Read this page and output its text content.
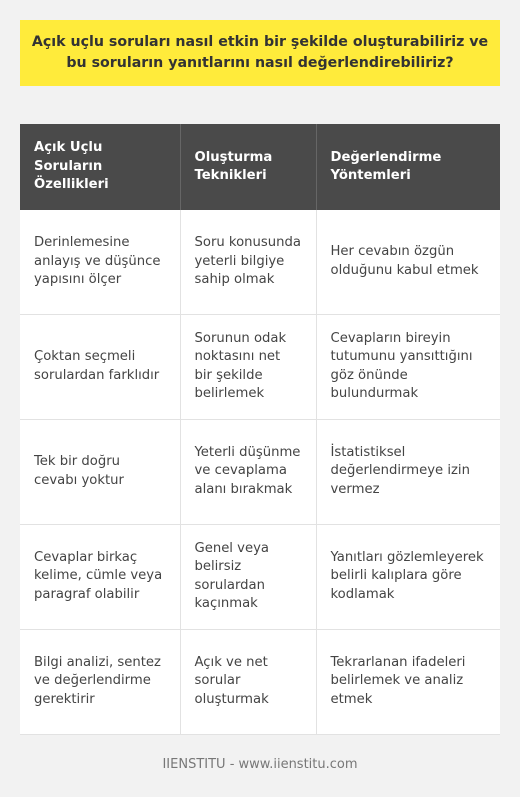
Açık uçlu soruları nasıl etkin bir şekilde oluşturabiliriz ve bu soruların yanıtlarını nasıl değerlendirebiliriz?
Açık Uçlu Soruların Özellikleri	Oluşturma Teknikleri	Değerlendirme Yöntemleri
Derinlemesine anlayış ve düşünce yapısını ölçer	Soru konusunda yeterli bilgiye sahip olmak	Her cevabın özgün olduğunu kabul etmek
Çoktan seçmeli sorulardan farklıdır	Sorunun odak noktasını net bir şekilde belirlemek	Cevapların bireyin tutumunu yansıttığını göz önünde bulundurmak
Tek bir doğru cevabı yoktur	Yeterli düşünme ve cevaplama alanı bırakmak	İstatistiksel değerlendirmeye izin vermez
Cevaplar birkaç kelime, cümle veya paragraf olabilir	Genel veya belirsiz sorulardan kaçınmak	Yanıtları gözlemleyerek belirli kalıplara göre kodlamak
Bilgi analizi, sentez ve değerlendirme gerektirir	Açık ve net sorular oluşturmak	Tekrarlanan ifadeleri belirlemek ve analiz etmek
IIENSTITU - www.iienstitu.com
